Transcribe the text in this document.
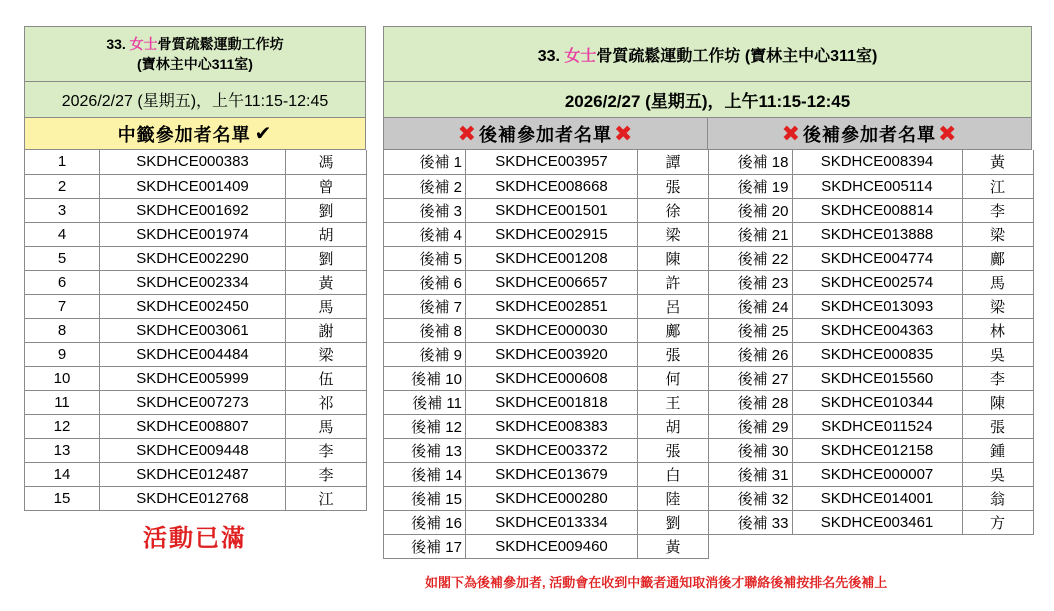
33. 女士骨質疏鬆運動工作坊
(寶林主中心311室)
2026/2/27 (星期五)，上午11:15-12:45
中籤參加者名單 ✔
1	SKDHCE000383	馮
2	SKDHCE001409	曾
3	SKDHCE001692	劉
4	SKDHCE001974	胡
5	SKDHCE002290	劉
6	SKDHCE002334	黃
7	SKDHCE002450	馬
8	SKDHCE003061	謝
9	SKDHCE004484	梁
10	SKDHCE005999	伍
11	SKDHCE007273	祁
12	SKDHCE008807	馬
13	SKDHCE009448	李
14	SKDHCE012487	李
15	SKDHCE012768	江
活動已滿
33. 女士骨質疏鬆運動工作坊 (寶林主中心311室)
2026/2/27 (星期五)，上午11:15-12:45
✖ 後補參加者名單 ✖	✖ 後補參加者名單 ✖
後補 1	SKDHCE003957	譚
後補 2	SKDHCE008668	張
後補 3	SKDHCE001501	徐
後補 4	SKDHCE002915	梁
後補 5	SKDHCE001208	陳
後補 6	SKDHCE006657	許
後補 7	SKDHCE002851	呂
後補 8	SKDHCE000030	鄺
後補 9	SKDHCE003920	張
後補 10	SKDHCE000608	何
後補 11	SKDHCE001818	王
後補 12	SKDHCE008383	胡
後補 13	SKDHCE003372	張
後補 14	SKDHCE013679	白
後補 15	SKDHCE000280	陸
後補 16	SKDHCE013334	劉
後補 17	SKDHCE009460	黃
後補 18	SKDHCE008394	黃
後補 19	SKDHCE005114	江
後補 20	SKDHCE008814	李
後補 21	SKDHCE013888	梁
後補 22	SKDHCE004774	鄺
後補 23	SKDHCE002574	馬
後補 24	SKDHCE013093	梁
後補 25	SKDHCE004363	林
後補 26	SKDHCE000835	吳
後補 27	SKDHCE015560	李
後補 28	SKDHCE010344	陳
後補 29	SKDHCE011524	張
後補 30	SKDHCE012158	鍾
後補 31	SKDHCE000007	吳
後補 32	SKDHCE014001	翁
後補 33	SKDHCE003461	方
如閣下為後補參加者, 活動會在收到中籤者通知取消後才聯絡後補按排名先後補上
